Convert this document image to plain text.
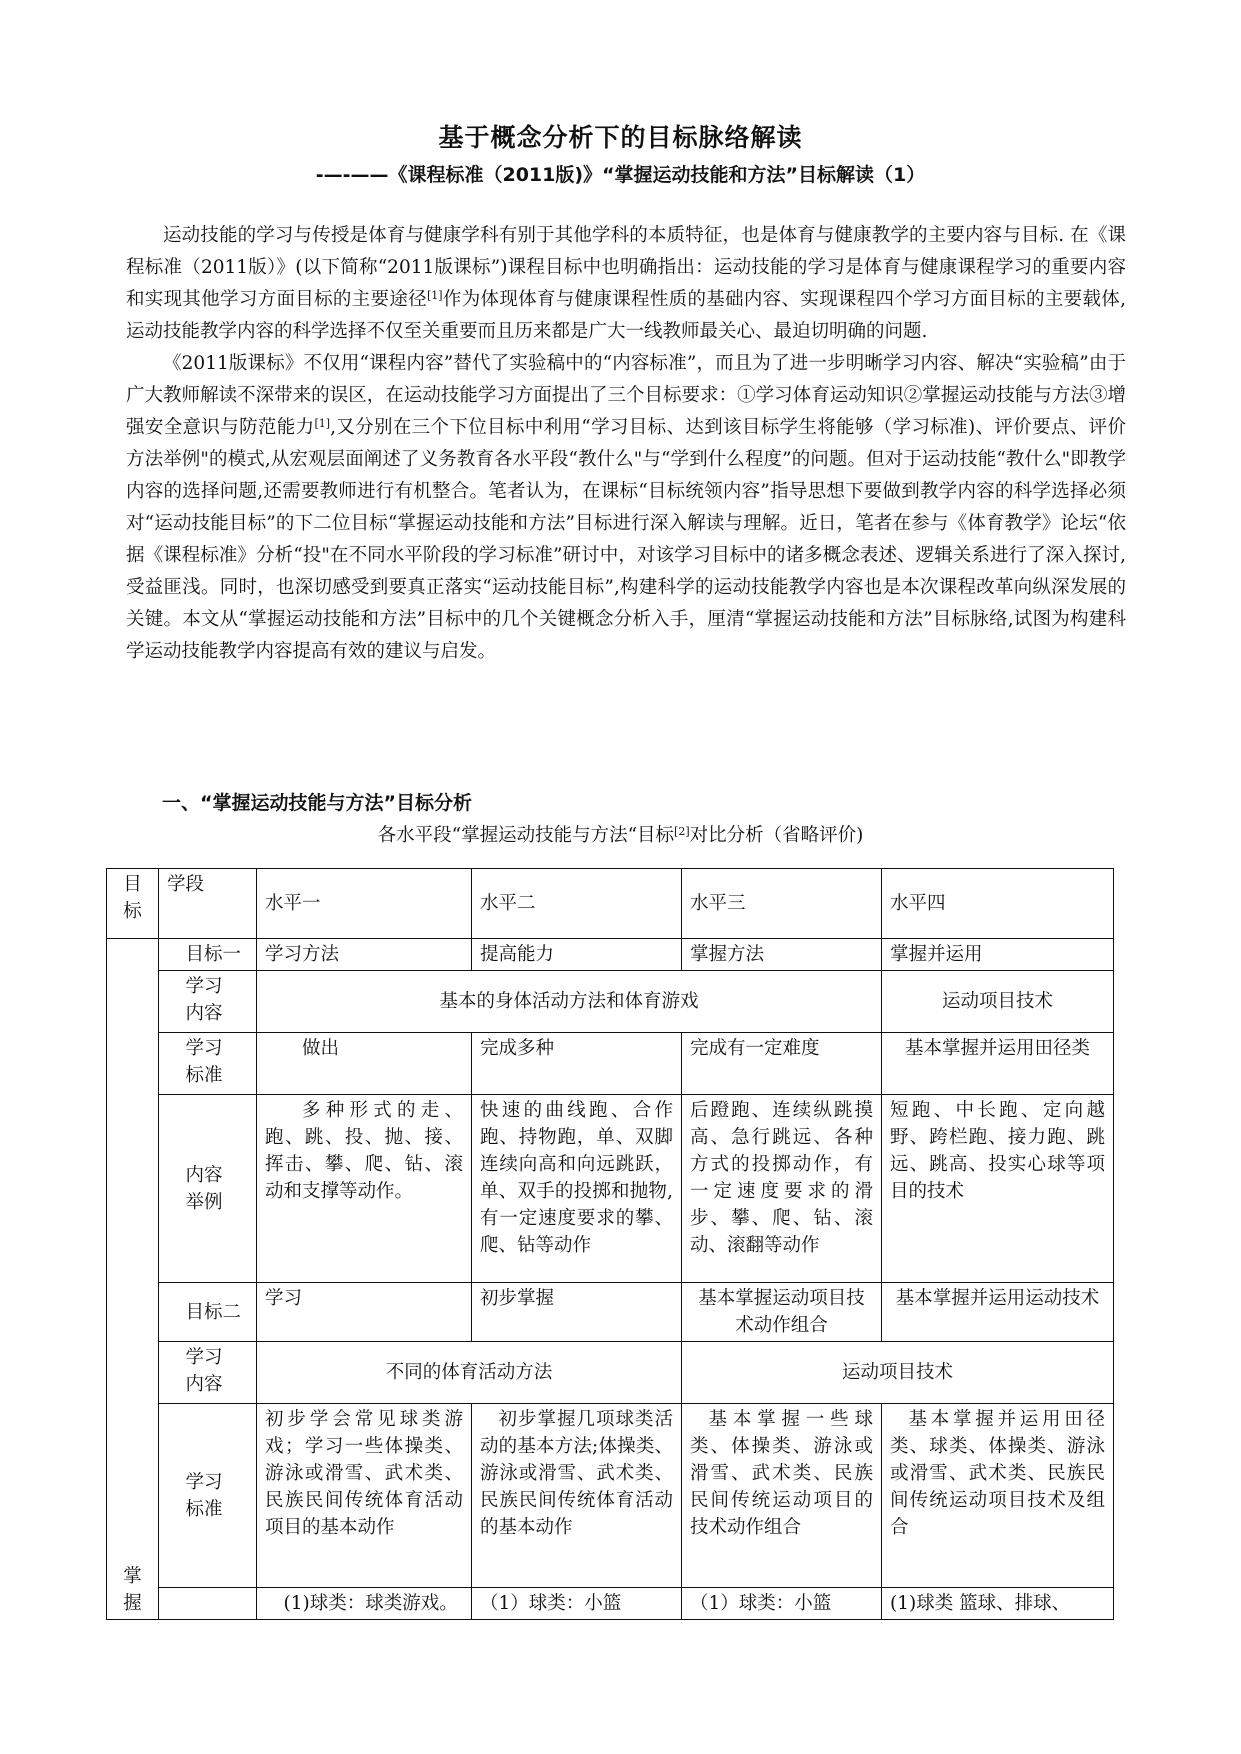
基于概念分析下的目标脉络解读
-—-——《课程标准（2011版)》“掌握运动技能和方法”目标解读（1）

运动技能的学习与传授是体育与健康学科有别于其他学科的本质特征，也是体育与健康教学的主要内容与目标. 在《课程标准（2011版）》(以下简称“2011版课标”)课程目标中也明确指出：运动技能的学习是体育与健康课程学习的重要内容和实现其他学习方面目标的主要途径[1]作为体现体育与健康课程性质的基础内容、实现课程四个学习方面目标的主要载体,运动技能教学内容的科学选择不仅至关重要而且历来都是广大一线教师最关心、最迫切明确的问题.

《2011版课标》不仅用“课程内容”替代了实验稿中的“内容标准”，而且为了进一步明晰学习内容、解决“实验稿”由于广大教师解读不深带来的误区，在运动技能学习方面提出了三个目标要求：①学习体育运动知识②掌握运动技能与方法③增强安全意识与防范能力[1],又分别在三个下位目标中利用“学习目标、达到该目标学生将能够（学习标准)、评价要点、评价方法举例"的模式,从宏观层面阐述了义务教育各水平段“教什么"与“学到什么程度”的问题。但对于运动技能“教什么"即教学内容的选择问题,还需要教师进行有机整合。笔者认为，在课标“目标统领内容”指导思想下要做到教学内容的科学选择必须对“运动技能目标”的下二位目标“掌握运动技能和方法”目标进行深入解读与理解。近日，笔者在参与《体育教学》论坛“依据《课程标准》分析“投"在不同水平阶段的学习标准”研讨中，对该学习目标中的诸多概念表述、逻辑关系进行了深入探讨,受益匪浅。同时，也深切感受到要真正落实“运动技能目标”,构建科学的运动技能教学内容也是本次课程改革向纵深发展的关键。本文从“掌握运动技能和方法”目标中的几个关键概念分析入手，厘清“掌握运动技能和方法”目标脉络,试图为构建科学运动技能教学内容提高有效的建议与启发。

一、“掌握运动技能与方法”目标分析
各水平段“掌握运动技能与方法“目标[2]对比分析（省略评价)
目
标	学段	水平一	水平二	水平三	水平四

掌
握	目标一	学习方法	提高能力	掌握方法	掌握并运用

	学习
内容	基本的身体活动方法和体育游戏			运动项目技术

	学习
标准	做出	完成多种	完成有一定难度	基本掌握并运用田径类

	内容
举例	多种形式的走、跑、跳、投、抛、接、挥击、攀、爬、钻、滚动和支撑等动作。	快速的曲线跑、合作跑、持物跑，单、双脚连续向高和向远跳跃，单、双手的投掷和抛物,有一定速度要求的攀、爬、钻等动作	后蹬跑、连续纵跳摸高、急行跳远、各种方式的投掷动作，有一定速度要求的滑步、攀、爬、钻、滚动、滚翻等动作	短跑、中长跑、定向越野、跨栏跑、接力跑、跳远、跳高、投实心球等项目的技术
	目标二	学习	初步掌握	基本掌握运动项目技术动作组合	基本掌握并运用运动技术

	学习
内容	不同的体育活动方法		运动项目技术	

	学习
标准	初步学会常见球类游戏；学习一些体操类、游泳或滑雪、武术类、民族民间传统体育活动项目的基本动作	初步掌握几项球类活动的基本方法;体操类、游泳或滑雪、武术类、民族民间传统体育活动的基本动作	基本掌握一些球类、体操类、游泳或滑雪、武术类、民族民间传统运动项目的技术动作组合	基本掌握并运用田径类、球类、体操类、游泳或滑雪、武术类、民族民间传统运动项目技术及组合
		(1)球类：球类游戏。	（1）球类：小篮	（1）球类：小篮	(1)球类 篮球、排球、
